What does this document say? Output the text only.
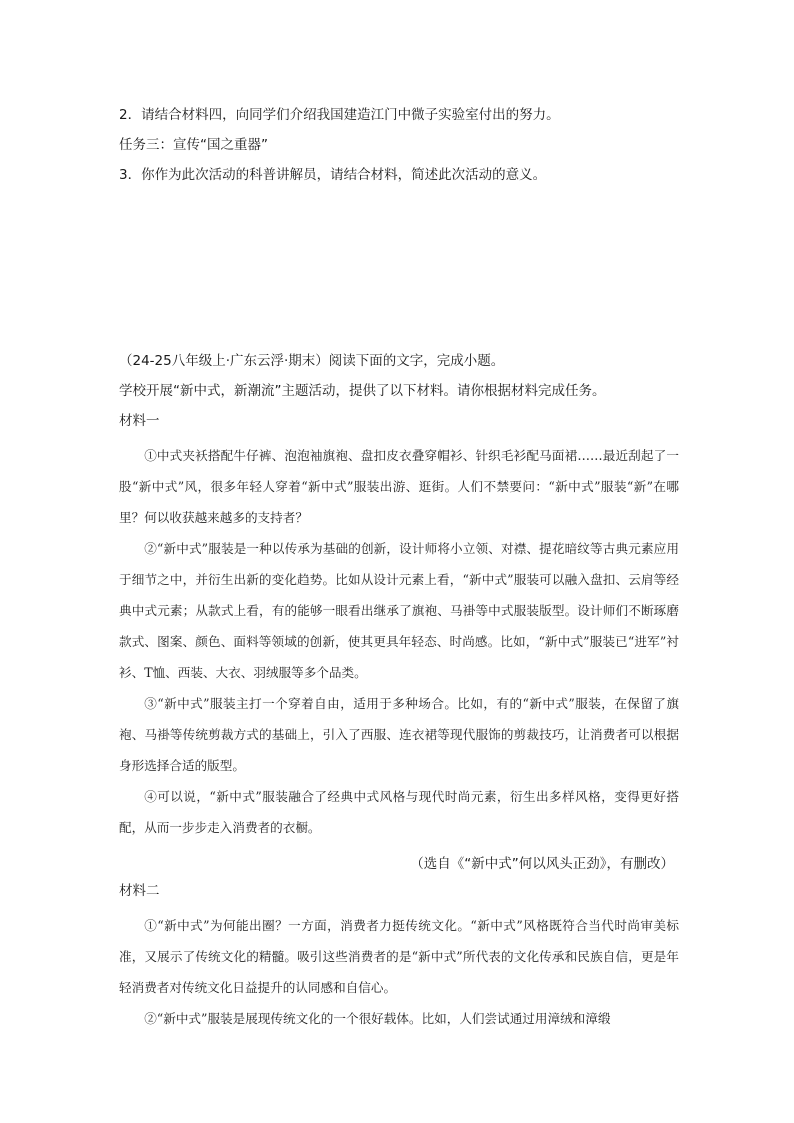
2．请结合材料四，向同学们介绍我国建造江门中微子实验室付出的努力。
任务三：宣传“国之重器”
3．你作为此次活动的科普讲解员，请结合材料，简述此次活动的意义。
（24-25八年级上·广东云浮·期末）阅读下面的文字，完成小题。
学校开展“新中式，新潮流”主题活动，提供了以下材料。请你根据材料完成任务。
材料一

①中式夹袄搭配牛仔裤、泡泡袖旗袍、盘扣皮衣叠穿帽衫、针织毛衫配马面裙……最近刮起了一股“新中式”风，很多年轻人穿着“新中式”服装出游、逛街。人们不禁要问：“新中式”服装“新”在哪里？何以收获越来越多的支持者？

②“新中式”服装是一种以传承为基础的创新，设计师将小立领、对襟、提花暗纹等古典元素应用于细节之中，并衍生出新的变化趋势。比如从设计元素上看，“新中式”服装可以融入盘扣、云肩等经典中式元素；从款式上看，有的能够一眼看出继承了旗袍、马褂等中式服装版型。设计师们不断琢磨款式、图案、颜色、面料等领域的创新，使其更具年轻态、时尚感。比如，“新中式”服装已“进军”衬衫、T恤、西装、大衣、羽绒服等多个品类。

③“新中式”服装主打一个穿着自由，适用于多种场合。比如，有的“新中式”服装，在保留了旗袍、马褂等传统剪裁方式的基础上，引入了西服、连衣裙等现代服饰的剪裁技巧，让消费者可以根据身形选择合适的版型。

④可以说，“新中式”服装融合了经典中式风格与现代时尚元素，衍生出多样风格，变得更好搭配，从而一步步走入消费者的衣橱。

（选自《“新中式”何以风头正劲》，有删改）
材料二

①“新中式”为何能出圈？一方面，消费者力挺传统文化。“新中式”风格既符合当代时尚审美标准，又展示了传统文化的精髓。吸引这些消费者的是“新中式”所代表的文化传承和民族自信，更是年轻消费者对传统文化日益提升的认同感和自信心。

②“新中式”服装是展现传统文化的一个很好载体。比如，人们尝试通过用漳绒和漳缎
